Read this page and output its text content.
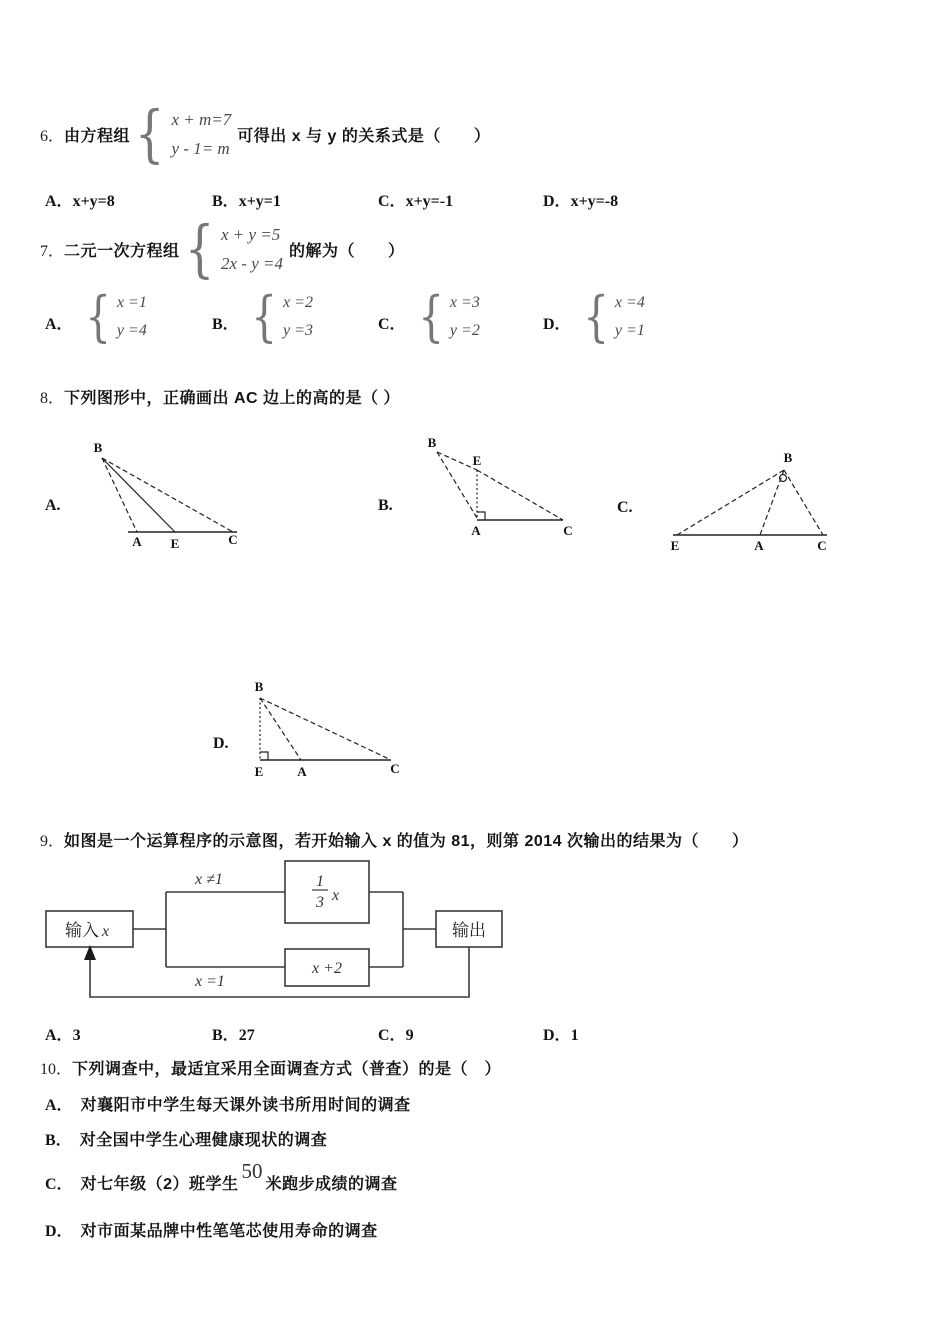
6． 由方程组 { x + m=7
y - 1= m
可得出 x 与 y 的关系式是（　　）
A．x+y=8	B．x+y=1	C．x+y=-1	D．x+y=-8
7． 二元一次方程组 { x + y =5
2x - y =4
的解为（　　）
A． { x =1
y =4	B． { x =2
y =3	C． { x =3
y =2	D． { x =4
y =1
8． 下列图形中，正确画出 AC 边上的高的是（ ）
A.
B
A E	C
B.
B
E
A	C
C.
E	A	C
B
D.
B
E	A	C
9． 如图是一个运算程序的示意图，若开始输入 x 的值为 81，则第 2014 次输出的结果为（　　）
输入 x	输出
x ≠1
x =1
1
3 x
x +2
A．3	B．27	C．9	D．1
10． 下列调查中，最适宜采用全面调查方式（普查）的是（　）
A． 对襄阳市中学生每天课外读书所用时间的调查
B． 对全国中学生心理健康现状的调查
C． 对七年级（2）班学生
50
米跑步成绩的调查
D． 对市面某品牌中性笔笔芯使用寿命的调查
